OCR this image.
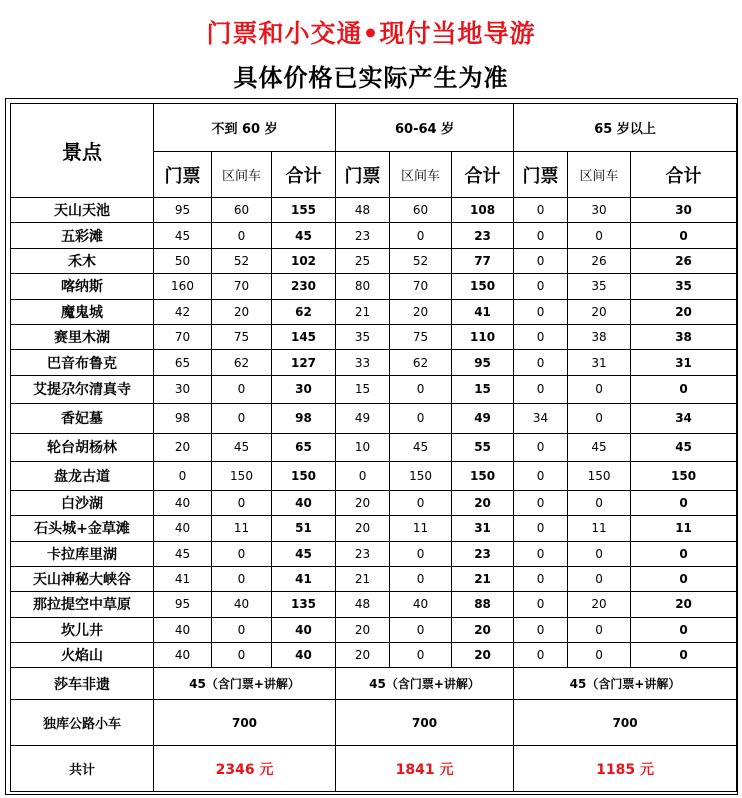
门票和小交通•现付当地导游
具体价格已实际产生为准
景点	不到 60 岁			60-64 岁			65 岁以上		
	门票	区间车	合计	门票	区间车	合计	门票	区间车	合计
天山天池	95	60	155	48	60	108	0	30	30
五彩滩	45	0	45	23	0	23	0	0	0
禾木	50	52	102	25	52	77	0	26	26
喀纳斯	160	70	230	80	70	150	0	35	35
魔鬼城	42	20	62	21	20	41	0	20	20
赛里木湖	70	75	145	35	75	110	0	38	38
巴音布鲁克	65	62	127	33	62	95	0	31	31
艾提尕尔清真寺	30	0	30	15	0	15	0	0	0
香妃墓	98	0	98	49	0	49	34	0	34
轮台胡杨林	20	45	65	10	45	55	0	45	45
盘龙古道	0	150	150	0	150	150	0	150	150
白沙湖	40	0	40	20	0	20	0	0	0
石头城+金草滩	40	11	51	20	11	31	0	11	11
卡拉库里湖	45	0	45	23	0	23	0	0	0
天山神秘大峡谷	41	0	41	21	0	21	0	0	0
那拉提空中草原	95	40	135	48	40	88	0	20	20
坎儿井	40	0	40	20	0	20	0	0	0
火焰山	40	0	40	20	0	20	0	0	0
莎车非遗	45（含门票+讲解）			45（含门票+讲解）			45（含门票+讲解）		
独库公路小车	700			700			700		
共计	2346 元			1841 元			1185 元		
